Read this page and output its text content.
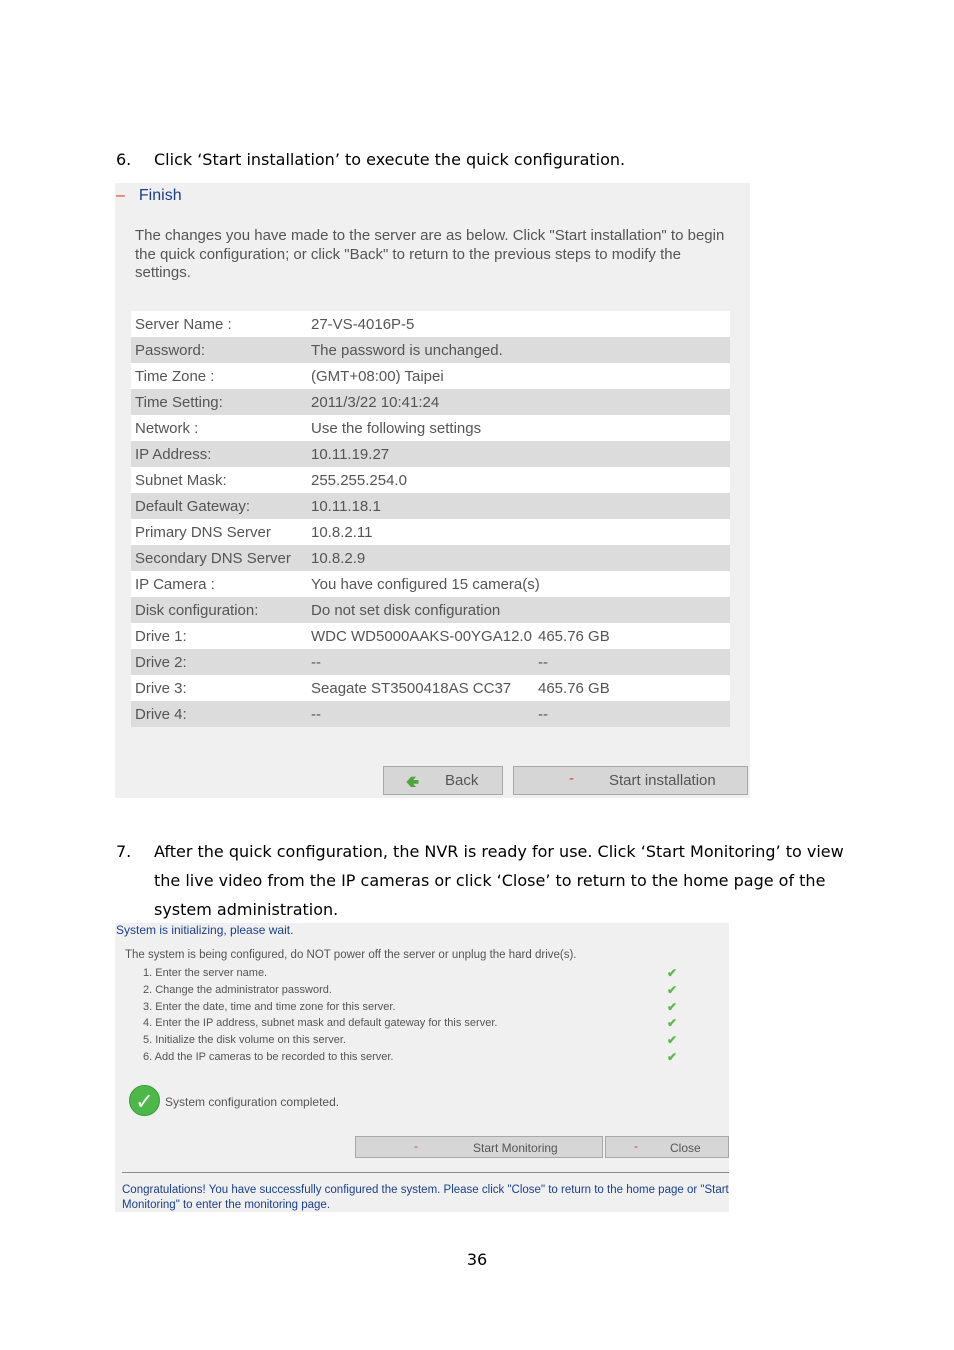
6.	Click ‘Start installation’ to execute the quick configuration.
– Finish
The changes you have made to the server are as below. Click "Start installation" to begin the quick configuration; or click "Back" to return to the previous steps to modify the settings.
Server Name :	27-VS-4016P-5	
Password:	The password is unchanged.	
Time Zone :	(GMT+08:00) Taipei	
Time Setting:	2011/3/22 10:41:24	
Network :	Use the following settings	
IP Address:	10.11.19.27	
Subnet Mask:	255.255.254.0	
Default Gateway:	10.11.18.1	
Primary DNS Server	10.8.2.11	
Secondary DNS Server	10.8.2.9	
IP Camera :	You have configured 15 camera(s)	
Disk configuration:	Do not set disk configuration	
Drive 1:	WDC WD5000AAKS-00YGA12.0	465.76 GB
Drive 2:	--	--
Drive 3:	Seagate ST3500418AS CC37	465.76 GB
Drive 4:	--	--
🢀 Back	- Start installation
7.	After the quick configuration, the NVR is ready for use. Click ‘Start Monitoring’ to view the live video from the IP cameras or click ‘Close’ to return to the home page of the system administration.
System is initializing, please wait.
The system is being configured, do NOT power off the server or unplug the hard drive(s).
1. Enter the server name.	✔
2. Change the administrator password.	✔
3. Enter the date, time and time zone for this server.	✔
4. Enter the IP address, subnet mask and default gateway for this server.	✔
5. Initialize the disk volume on this server.	✔
6. Add the IP cameras to be recorded to this server.	✔
✓ System configuration completed.
-	Start Monitoring	-	Close
Congratulations! You have successfully configured the system. Please click "Close" to return to the home page or "Start Monitoring" to enter the monitoring page.
36
